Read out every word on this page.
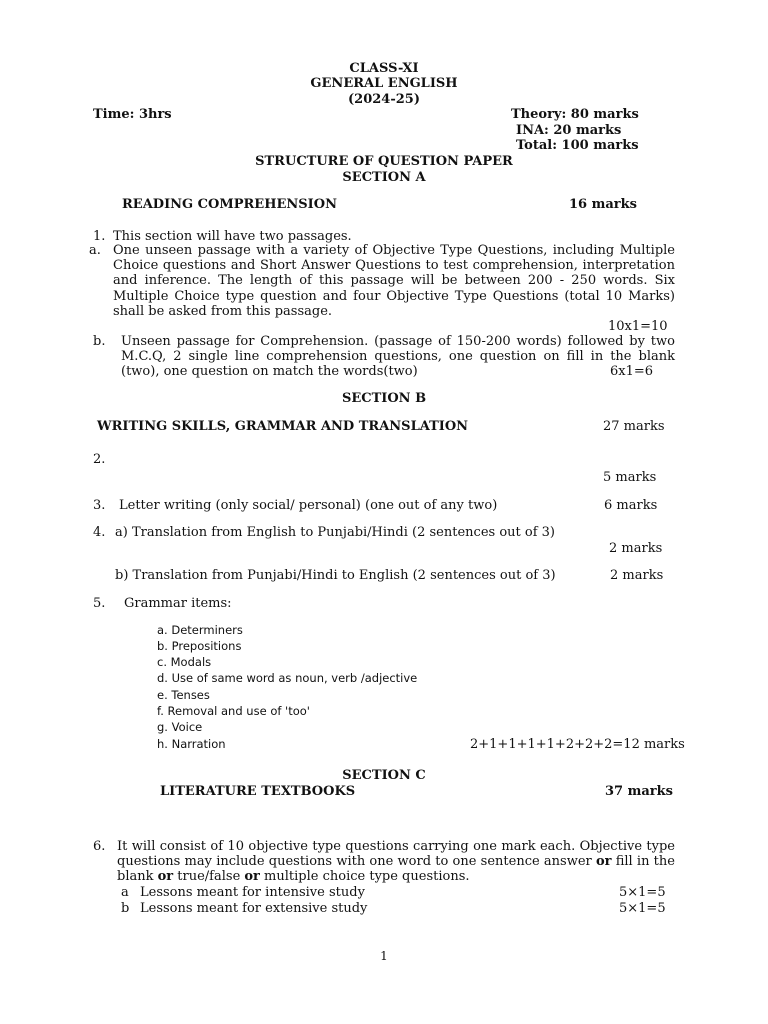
CLASS-XI
GENERAL ENGLISH
(2024-25)
Time: 3hrs	Theory: 80 marks
INA: 20 marks
Total: 100 marks
STRUCTURE OF QUESTION PAPER
SECTION A
READING COMPREHENSION	16 marks
1. This section will have two passages.
a. One unseen passage with a variety of Objective Type Questions, including Multiple Choice questions and Short Answer Questions to test comprehension, interpretation and inference. The length of this passage will be between 200 - 250 words. Six Multiple Choice type question and four Objective Type Questions (total 10 Marks) shall be asked from this passage.
10x1=10
b. Unseen passage for Comprehension. (passage of 150-200 words) followed by two M.C.Q, 2 single line comprehension questions, one question on fill in the blank (two), one question on match the words(two)	6x1=6
SECTION B
WRITING SKILLS, GRAMMAR AND TRANSLATION	27 marks
2.
5 marks
3. Letter writing (only social/ personal) (one out of any two)	6 marks
4. a) Translation from English to Punjabi/Hindi (2 sentences out of 3)
2 marks
b) Translation from Punjabi/Hindi to English (2 sentences out of 3)	2 marks
5. Grammar items:
a. Determiners
b. Prepositions
c. Modals
d. Use of same word as noun, verb /adjective
e. Tenses
f. Removal and use of 'too'
g. Voice
h. Narration	2+1+1+1+1+2+2+2=12 marks
SECTION C
LITERATURE TEXTBOOKS	37 marks
6. It will consist of 10 objective type questions carrying one mark each. Objective type questions may include questions with one word to one sentence answer or fill in the blank or true/false or multiple choice type questions.
a Lessons meant for intensive study	5×1=5
b Lessons meant for extensive study	5×1=5
1
